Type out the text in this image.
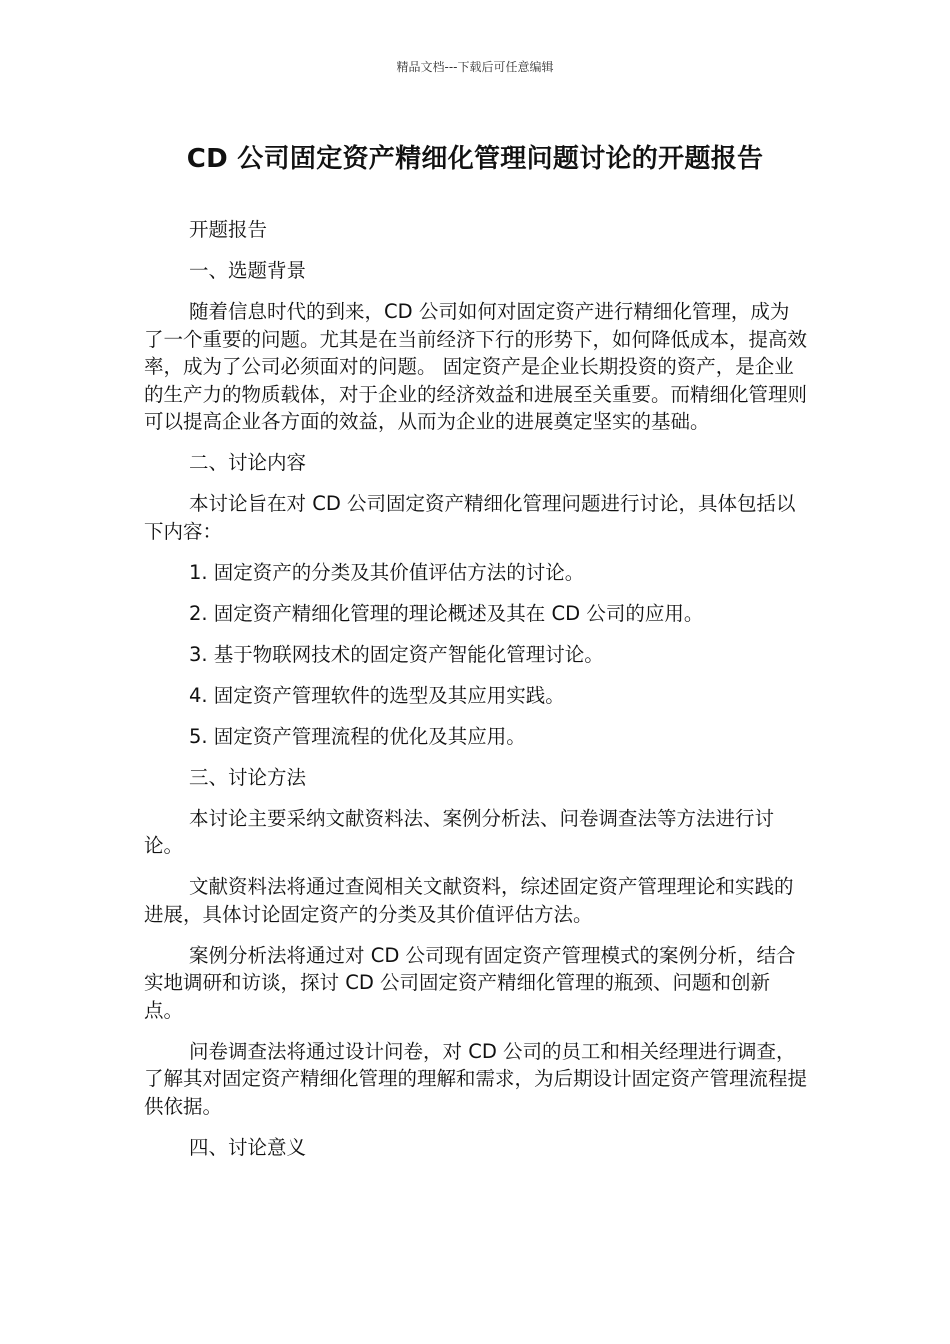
精品文档---下载后可任意编辑
CD 公司固定资产精细化管理问题讨论的开题报告

开题报告

一、选题背景

随着信息时代的到来，CD 公司如何对固定资产进行精细化管理，成为了一个重要的问题。尤其是在当前经济下行的形势下，如何降低成本，提高效率，成为了公司必须面对的问题。 固定资产是企业长期投资的资产，是企业的生产力的物质载体，对于企业的经济效益和进展至关重要。而精细化管理则可以提高企业各方面的效益，从而为企业的进展奠定坚实的基础。

二、讨论内容

本讨论旨在对 CD 公司固定资产精细化管理问题进行讨论，具体包括以下内容：

1. 固定资产的分类及其价值评估方法的讨论。

2. 固定资产精细化管理的理论概述及其在 CD 公司的应用。

3. 基于物联网技术的固定资产智能化管理讨论。

4. 固定资产管理软件的选型及其应用实践。

5. 固定资产管理流程的优化及其应用。

三、讨论方法

本讨论主要采纳文献资料法、案例分析法、问卷调查法等方法进行讨论。

文献资料法将通过查阅相关文献资料，综述固定资产管理理论和实践的进展，具体讨论固定资产的分类及其价值评估方法。

案例分析法将通过对 CD 公司现有固定资产管理模式的案例分析，结合实地调研和访谈，探讨 CD 公司固定资产精细化管理的瓶颈、问题和创新点。

问卷调查法将通过设计问卷，对 CD 公司的员工和相关经理进行调查，了解其对固定资产精细化管理的理解和需求，为后期设计固定资产管理流程提供依据。

四、讨论意义
